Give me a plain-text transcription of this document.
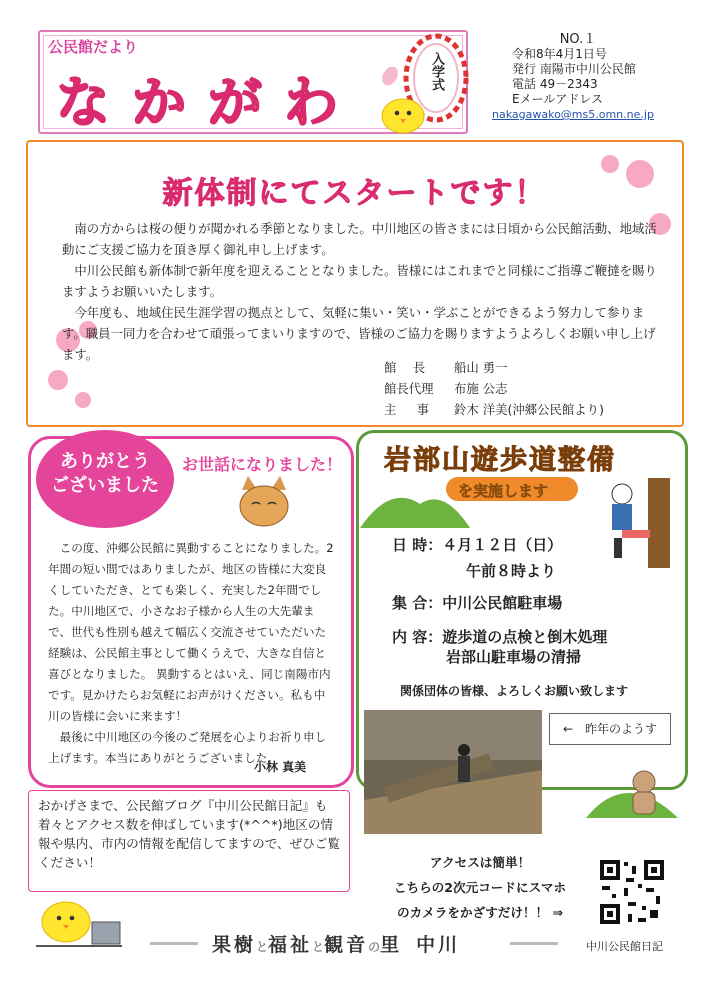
公民館だより
なかがわ	入学式
NO.１
令和8年4月1日号
発行 南陽市中川公民館
電話 49－2343
Eメールアドレス
nakagawako@ms5.omn.ne.jp
新体制にてスタートです！

南の方からは桜の便りが聞かれる季節となりました。中川地区の皆さまには日頃から公民館活動、地域活動にご支援ご協力を頂き厚く御礼申し上げます。

中川公民館も新体制で新年度を迎えることとなりました。皆様にはこれまでと同様にご指導ご鞭撻を賜りますようお願いいたします。

今年度も、地域住民生涯学習の拠点として、気軽に集い・笑い・学ぶことができるよう努力して参ります。職員一同力を合わせて頑張ってまいりますので、皆様のご協力を賜りますようよろしくお願い申し上げます。

館　 長 船山 勇一
館長代理 布施 公志
主 　 事 鈴木 洋美(沖郷公民館より)
ありがとう
ございました
お世話になりました！

この度、沖郷公民館に異動することになりました。2年間の短い間ではありましたが、地区の皆様に大変良くしていただき、とても楽しく、充実した2年間でした。中川地区で、小さなお子様から人生の大先輩まで、世代も性別も越えて幅広く交流させていただいた経験は、公民館主事として働くうえで、大きな自信と喜びとなりました。 異動するとはいえ、同じ南陽市内です。見かけたらお気軽にお声がけください。私も中川の皆様に会いに来ます！

最後に中川地区の今後のご発展を心よりお祈り申し上げます。本当にありがとうございました。

小林 真美
岩部山遊歩道整備
を実施します
日 時：４月１２日（日）
午前８時より
集 合：中川公民館駐車場
内 容：遊歩道の点検と倒木処理
岩部山駐車場の清掃
関係団体の皆様、よろしくお願い致します
←　昨年のようす
おかげさまで、公民館ブログ『中川公民館日記』も着々とアクセス数を伸ばしています(*^^*)地区の情報や県内、市内の情報を配信してますので、ぜひご覧ください！	アクセスは簡単！
こちらの2次元コードにスマホ
のカメラをかざすだけ！！ ⇒
中川公民館日記
果樹と福祉と観音の里 中川
